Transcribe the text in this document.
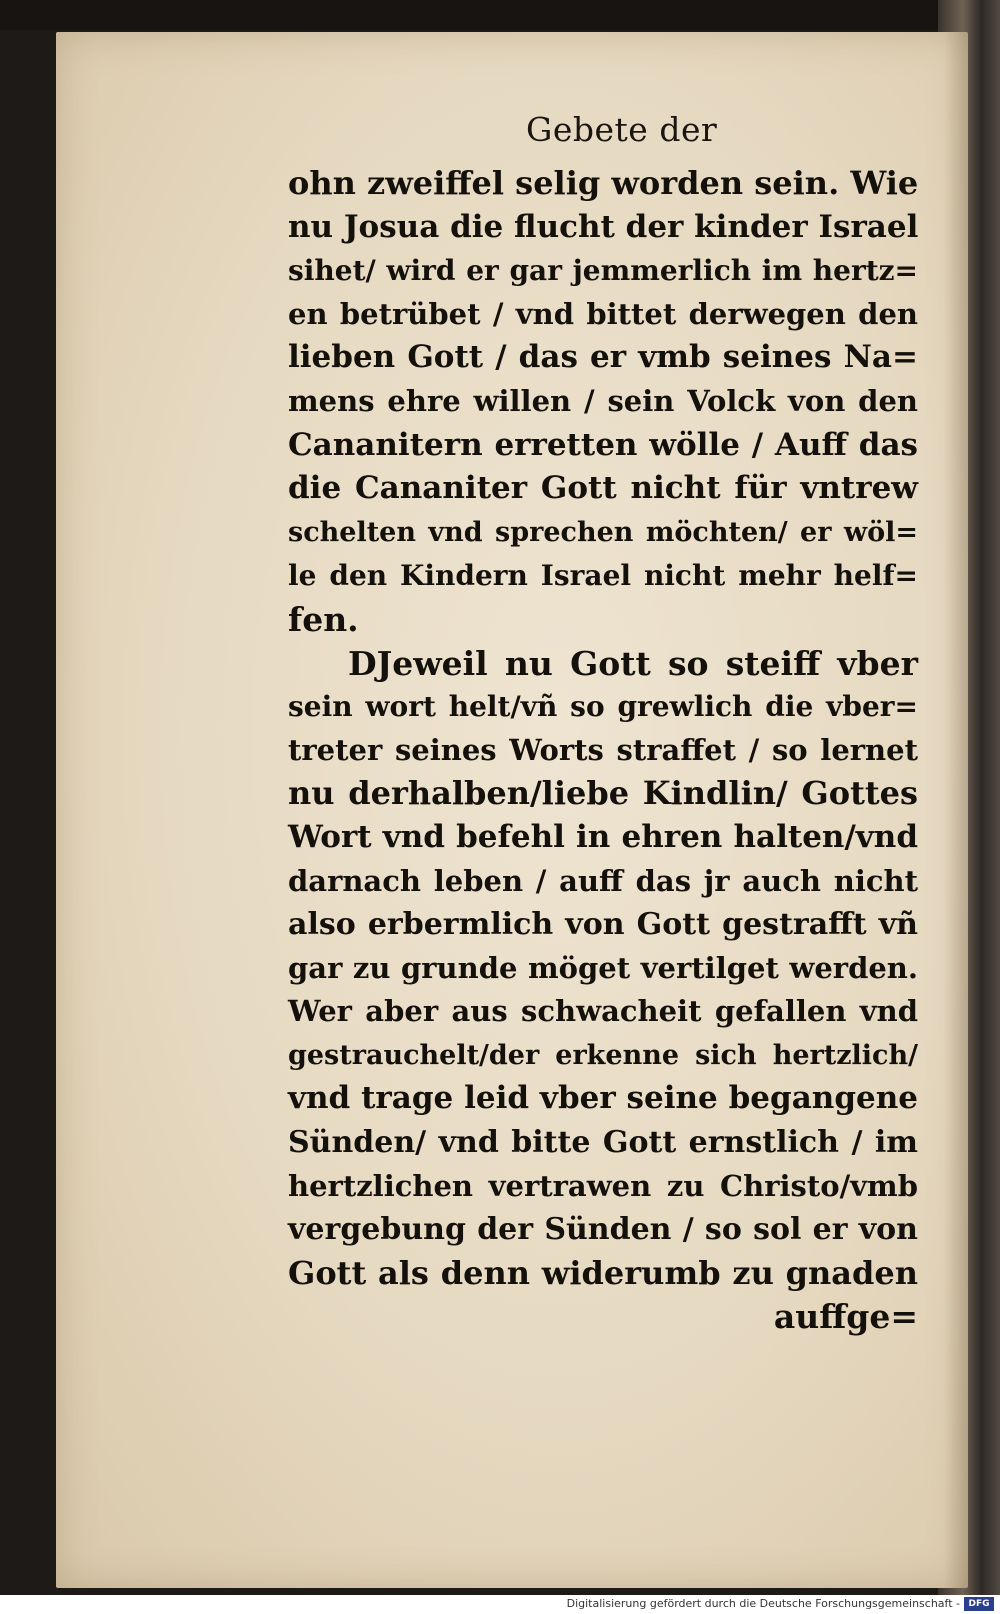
Gebete der
ohn zweiffel selig worden sein. Wie
nu Josua die flucht der kinder Israel
sihet/ wird er gar jemmerlich im hertz=
en betrübet / vnd bittet derwegen den
lieben Gott / das er vmb seines Na=
mens ehre willen / sein Volck von den
Cananitern erretten wölle / Auff das
die Cananiter Gott nicht für vntrew
schelten vnd sprechen möchten/ er wöl=
le den Kindern Israel nicht mehr helf=
fen.
DJeweil nu Gott so steiff vber
sein wort helt/vñ so grewlich die vber=
treter seines Worts straffet / so lernet
nu derhalben/liebe Kindlin/ Gottes
Wort vnd befehl in ehren halten/vnd
darnach leben / auff das jr auch nicht
also erbermlich von Gott gestrafft vñ
gar zu grunde möget vertilget werden.
Wer aber aus schwacheit gefallen vnd
gestrauchelt/der erkenne sich hertzlich/
vnd trage leid vber seine begangene
Sünden/ vnd bitte Gott ernstlich / im
hertzlichen vertrawen zu Christo/vmb
vergebung der Sünden / so sol er von
Gott als denn widerumb zu gnaden
auffge=
Digitalisierung gefördert durch die Deutsche Forschungsgemeinschaft - DFG
